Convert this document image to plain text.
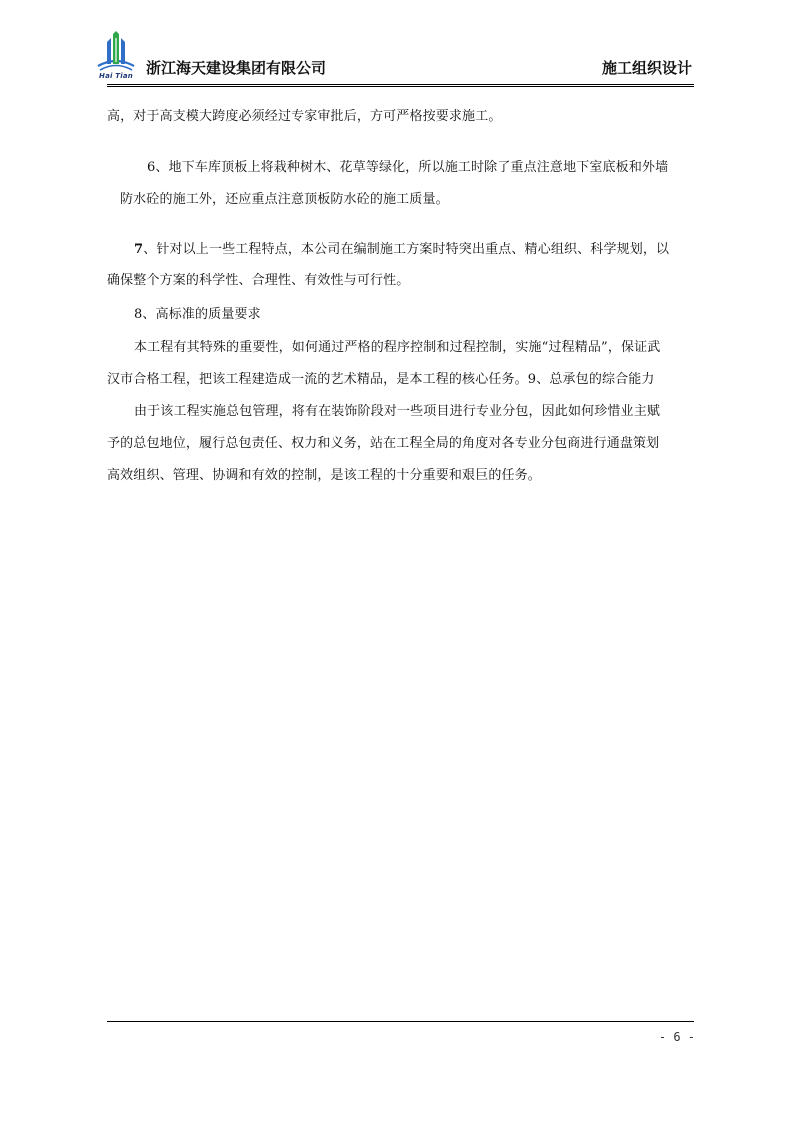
Hai Tian 浙江海天建设集团有限公司	施工组织设计

高，对于高支模大跨度必须经过专家审批后，方可严格按要求施工。

6、地下车库顶板上将栽种树木、花草等绿化，所以施工时除了重点注意地下室底板和外墙

防水砼的施工外，还应重点注意顶板防水砼的施工质量。

7、针对以上一些工程特点，本公司在编制施工方案时特突出重点、精心组织、科学规划，以

确保整个方案的科学性、合理性、有效性与可行性。

8、高标准的质量要求

本工程有其特殊的重要性，如何通过严格的程序控制和过程控制，实施“过程精品”，保证武

汉市合格工程，把该工程建造成一流的艺术精品，是本工程的核心任务。9、总承包的综合能力

由于该工程实施总包管理，将有在装饰阶段对一些项目进行专业分包，因此如何珍惜业主赋

予的总包地位，履行总包责任、权力和义务，站在工程全局的角度对各专业分包商进行通盘策划

高效组织、管理、协调和有效的控制，是该工程的十分重要和艰巨的任务。

- 6 -
